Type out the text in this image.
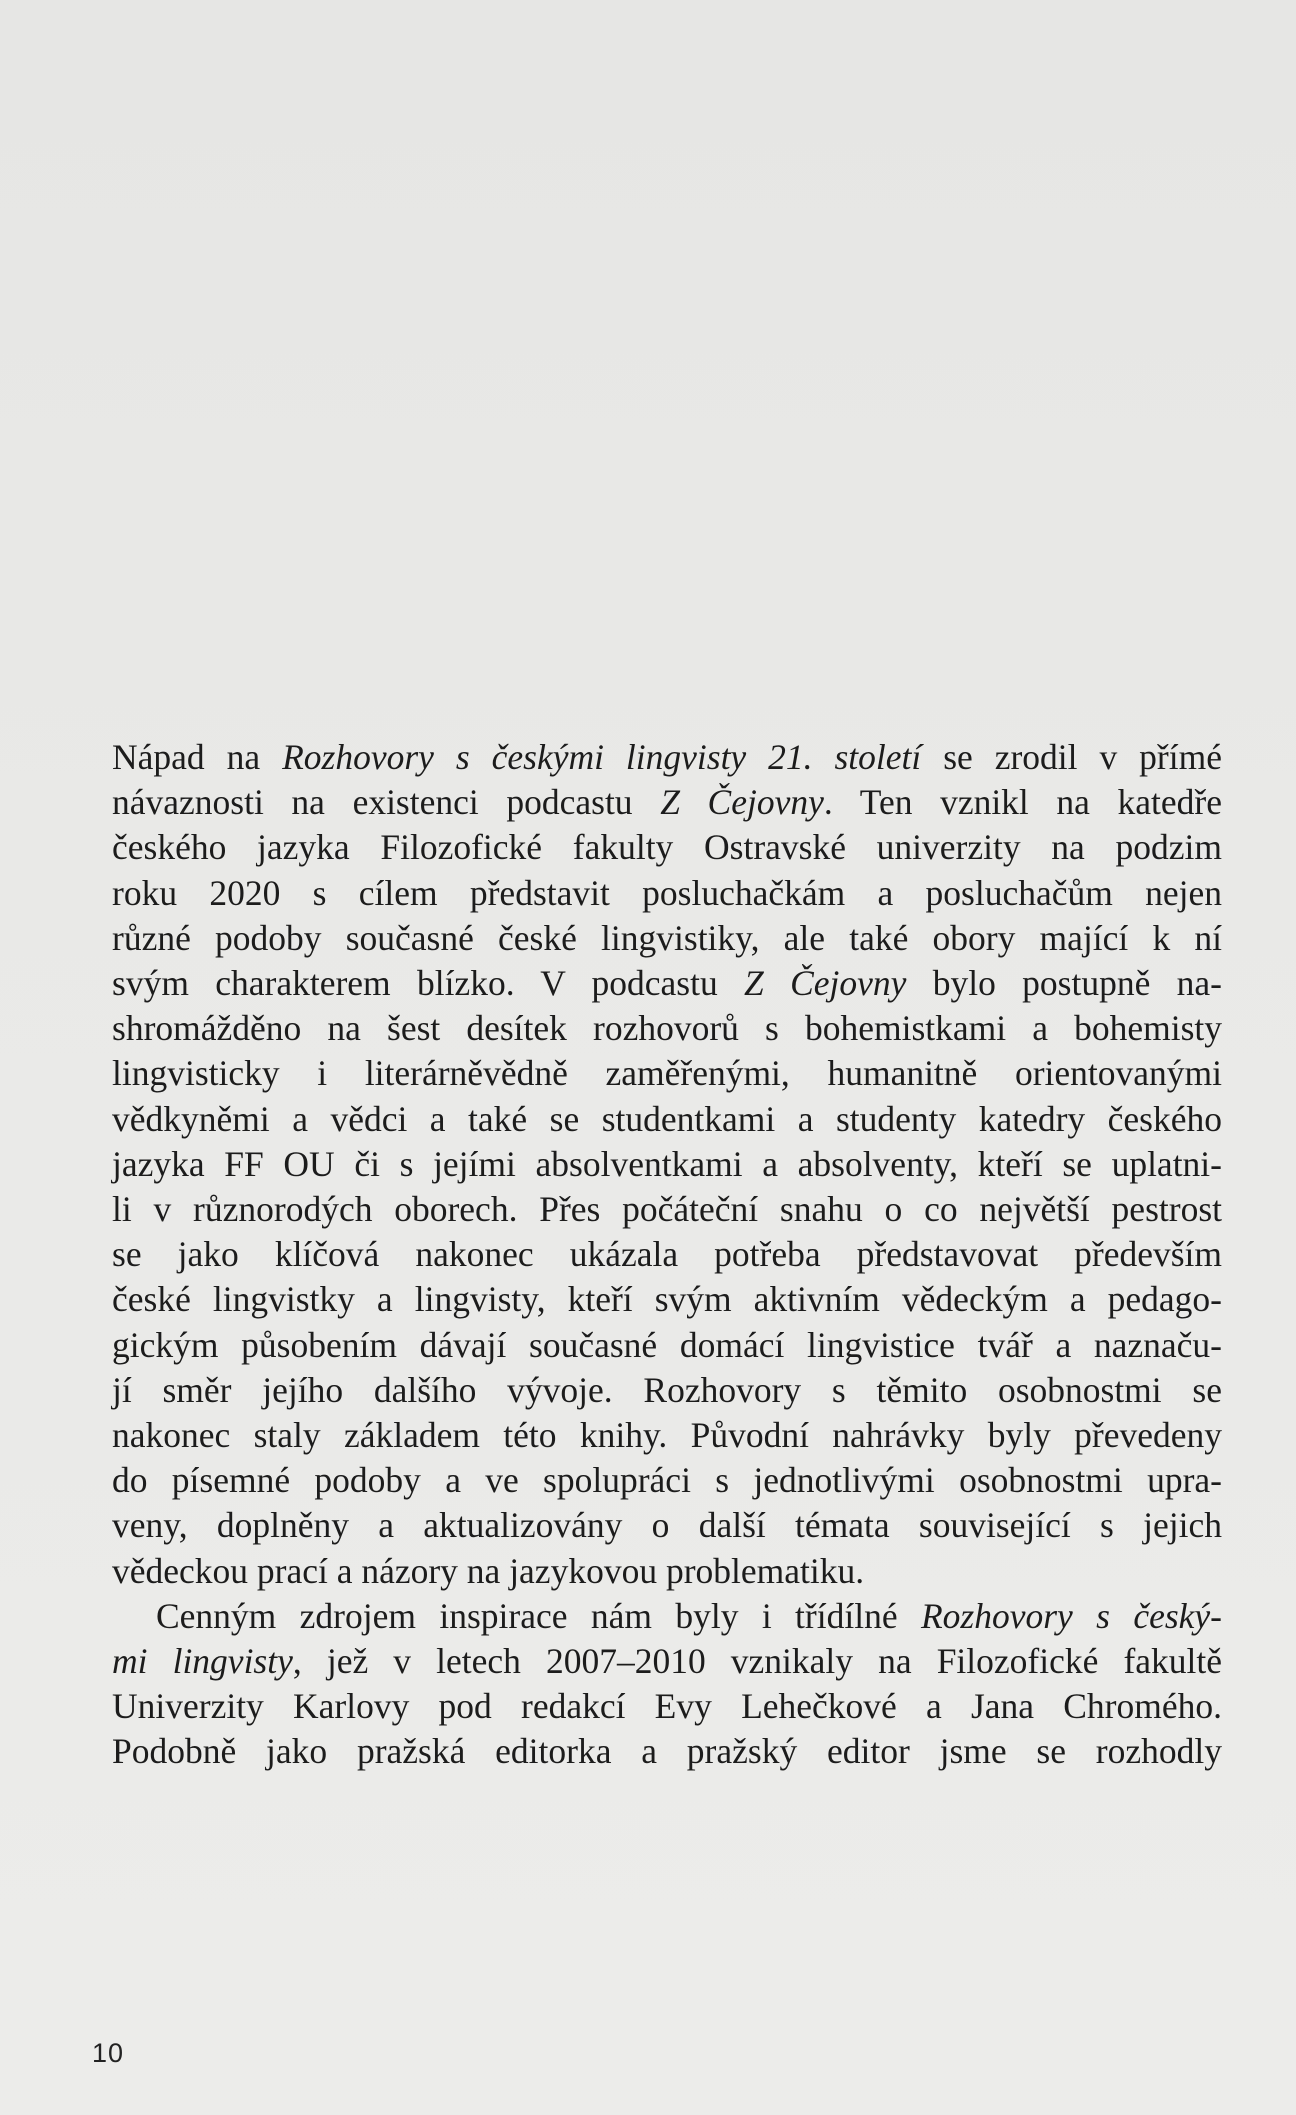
Nápad na Rozhovory s českými lingvisty 21. století se zrodil v přímé
návaznosti na existenci podcastu Z Čejovny. Ten vznikl na katedře
českého jazyka Filozofické fakulty Ostravské univerzity na podzim
roku 2020 s cílem představit posluchačkám a posluchačům nejen
různé podoby současné české lingvistiky, ale také obory mající k ní
svým charakterem blízko. V podcastu Z Čejovny bylo postupně na-
shromážděno na šest desítek rozhovorů s bohemistkami a bohemisty
lingvisticky i literárněvědně zaměřenými, humanitně orientovanými
vědkyněmi a vědci a také se studentkami a studenty katedry českého
jazyka FF OU či s jejími absolventkami a absolventy, kteří se uplatni-
li v různorodých oborech. Přes počáteční snahu o co největší pestrost
se jako klíčová nakonec ukázala potřeba představovat především
české lingvistky a lingvisty, kteří svým aktivním vědeckým a pedago-
gickým působením dávají současné domácí lingvistice tvář a naznaču-
jí směr jejího dalšího vývoje. Rozhovory s těmito osobnostmi se
nakonec staly základem této knihy. Původní nahrávky byly převedeny
do písemné podoby a ve spolupráci s jednotlivými osobnostmi upra-
veny, doplněny a aktualizovány o další témata související s jejich
vědeckou prací a názory na jazykovou problematiku.
Cenným zdrojem inspirace nám byly i třídílné Rozhovory s český-
mi lingvisty, jež v letech 2007–2010 vznikaly na Filozofické fakultě
Univerzity Karlovy pod redakcí Evy Lehečkové a Jana Chromého.
Podobně jako pražská editorka a pražský editor jsme se rozhodly
10
